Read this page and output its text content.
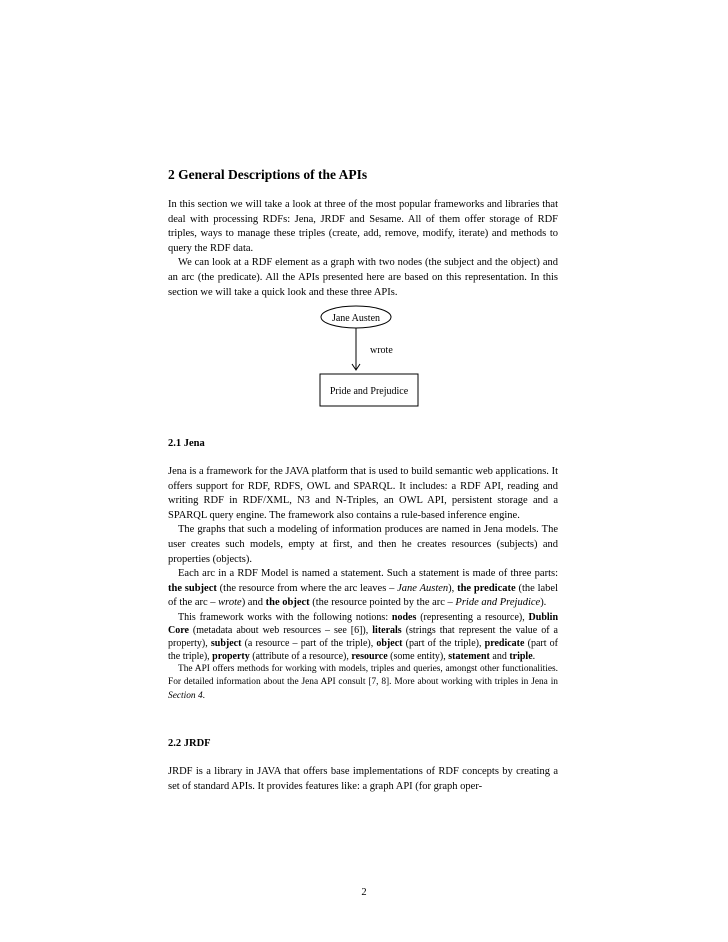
2 General Descriptions of the APIs

In this section we will take a look at three of the most popular frameworks and libraries that deal with processing RDFs: Jena, JRDF and Sesame. All of them offer storage of RDF triples, ways to manage these triples (create, add, remove, modify, iterate) and methods to query the RDF data.

We can look at a RDF element as a graph with two nodes (the subject and the object) and an arc (the predicate). All the APIs presented here are based on this representation. In this section we will take a quick look and these three APIs.

Jane Austen
wrote
Pride and Prejudice
2.1 Jena

Jena is a framework for the JAVA platform that is used to build semantic web applications. It offers support for RDF, RDFS, OWL and SPARQL. It includes: a RDF API, reading and writing RDF in RDF/XML, N3 and N-Triples, an OWL API, persistent storage and a SPARQL query engine. The framework also contains a rule-based inference engine.

The graphs that such a modeling of information produces are named in Jena models. The user creates such models, empty at first, and then he creates resources (subjects) and properties (objects).

Each arc in a RDF Model is named a statement. Such a statement is made of three parts: the subject (the resource from where the arc leaves – Jane Austen), the predicate (the label of the arc – wrote) and the object (the resource pointed by the arc – Pride and Prejudice).

This framework works with the following notions: nodes (representing a resource), Dublin Core (metadata about web resources – see [6]), literals (strings that represent the value of a property), subject (a resource – part of the triple), object (part of the triple), predicate (part of the triple), property (attribute of a resource), resource (some entity), statement and triple.

The API offers methods for working with models, triples and queries, amongst other functionalities. For detailed information about the Jena API consult [7, 8]. More about working with triples in Jena in Section 4.

2.2 JRDF

JRDF is a library in JAVA that offers base implementations of RDF concepts by creating a set of standard APIs. It provides features like: a graph API (for graph oper-

2
